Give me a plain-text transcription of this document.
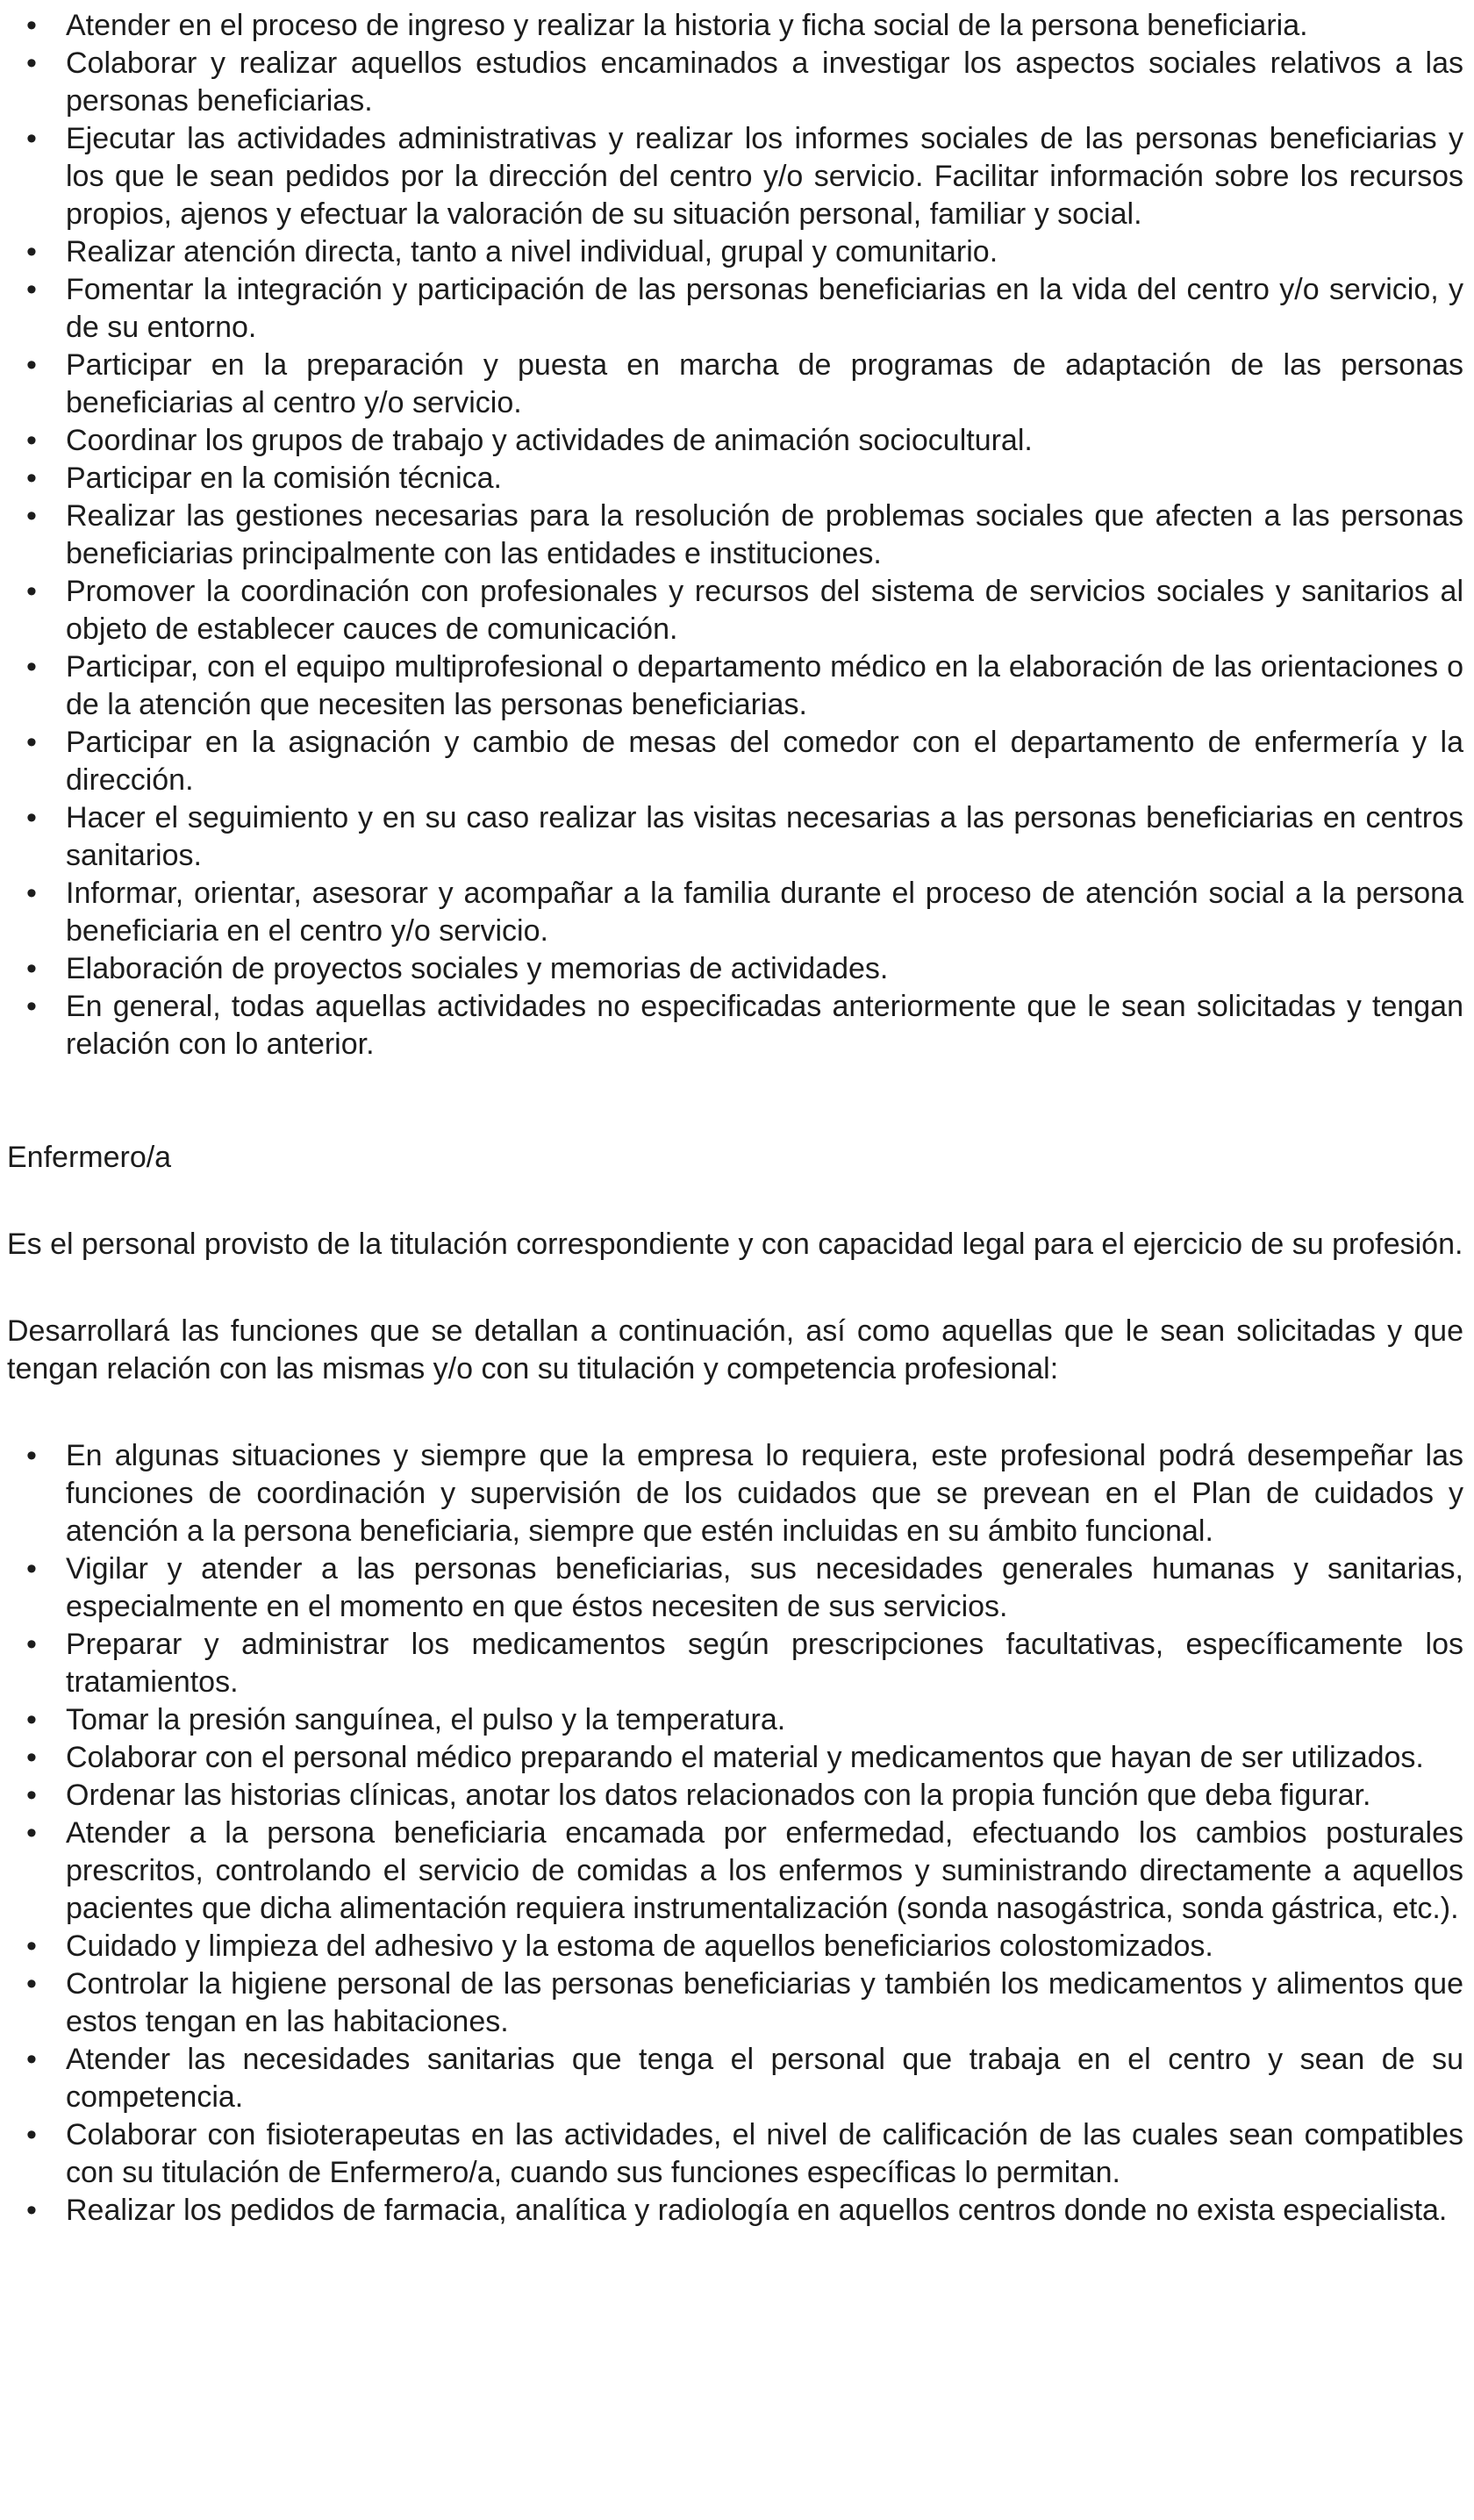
• Atender en el proceso de ingreso y realizar la historia y ficha social de la persona beneficiaria.
• Colaborar y realizar aquellos estudios encaminados a investigar los aspectos sociales relativos a las personas beneficiarias.
• Ejecutar las actividades administrativas y realizar los informes sociales de las personas beneficiarias y los que le sean pedidos por la dirección del centro y/o servicio. Facilitar información sobre los recursos propios, ajenos y efectuar la valoración de su situación personal, familiar y social.
• Realizar atención directa, tanto a nivel individual, grupal y comunitario.
• Fomentar la integración y participación de las personas beneficiarias en la vida del centro y/o servicio, y de su entorno.
• Participar en la preparación y puesta en marcha de programas de adaptación de las personas beneficiarias al centro y/o servicio.
• Coordinar los grupos de trabajo y actividades de animación sociocultural.
• Participar en la comisión técnica.
• Realizar las gestiones necesarias para la resolución de problemas sociales que afecten a las personas beneficiarias principalmente con las entidades e instituciones.
• Promover la coordinación con profesionales y recursos del sistema de servicios sociales y sanitarios al objeto de establecer cauces de comunicación.
• Participar, con el equipo multiprofesional o departamento médico en la elaboración de las orientaciones o de la atención que necesiten las personas beneficiarias.
• Participar en la asignación y cambio de mesas del comedor con el departamento de enfermería y la dirección.
• Hacer el seguimiento y en su caso realizar las visitas necesarias a las personas beneficiarias en centros sanitarios.
• Informar, orientar, asesorar y acompañar a la familia durante el proceso de atención social a la persona beneficiaria en el centro y/o servicio.
• Elaboración de proyectos sociales y memorias de actividades.
• En general, todas aquellas actividades no especificadas anteriormente que le sean solicitadas y tengan relación con lo anterior.
Enfermero/a

Es el personal provisto de la titulación correspondiente y con capacidad legal para el ejercicio de su profesión.

Desarrollará las funciones que se detallan a continuación, así como aquellas que le sean solicitadas y que tengan relación con las mismas y/o con su titulación y competencia profesional:

• En algunas situaciones y siempre que la empresa lo requiera, este profesional podrá desempeñar las funciones de coordinación y supervisión de los cuidados que se prevean en el Plan de cuidados y atención a la persona beneficiaria, siempre que estén incluidas en su ámbito funcional.
• Vigilar y atender a las personas beneficiarias, sus necesidades generales humanas y sanitarias, especialmente en el momento en que éstos necesiten de sus servicios.
• Preparar y administrar los medicamentos según prescripciones facultativas, específicamente los tratamientos.
• Tomar la presión sanguínea, el pulso y la temperatura.
• Colaborar con el personal médico preparando el material y medicamentos que hayan de ser utilizados.
• Ordenar las historias clínicas, anotar los datos relacionados con la propia función que deba figurar.
• Atender a la persona beneficiaria encamada por enfermedad, efectuando los cambios posturales prescritos, controlando el servicio de comidas a los enfermos y suministrando directamente a aquellos pacientes que dicha alimentación requiera instrumentalización (sonda nasogástrica, sonda gástrica, etc.).
• Cuidado y limpieza del adhesivo y la estoma de aquellos beneficiarios colostomizados.
• Controlar la higiene personal de las personas beneficiarias y también los medicamentos y alimentos que estos tengan en las habitaciones.
• Atender las necesidades sanitarias que tenga el personal que trabaja en el centro y sean de su competencia.
• Colaborar con fisioterapeutas en las actividades, el nivel de calificación de las cuales sean compatibles con su titulación de Enfermero/a, cuando sus funciones específicas lo permitan.
• Realizar los pedidos de farmacia, analítica y radiología en aquellos centros donde no exista especialista.
